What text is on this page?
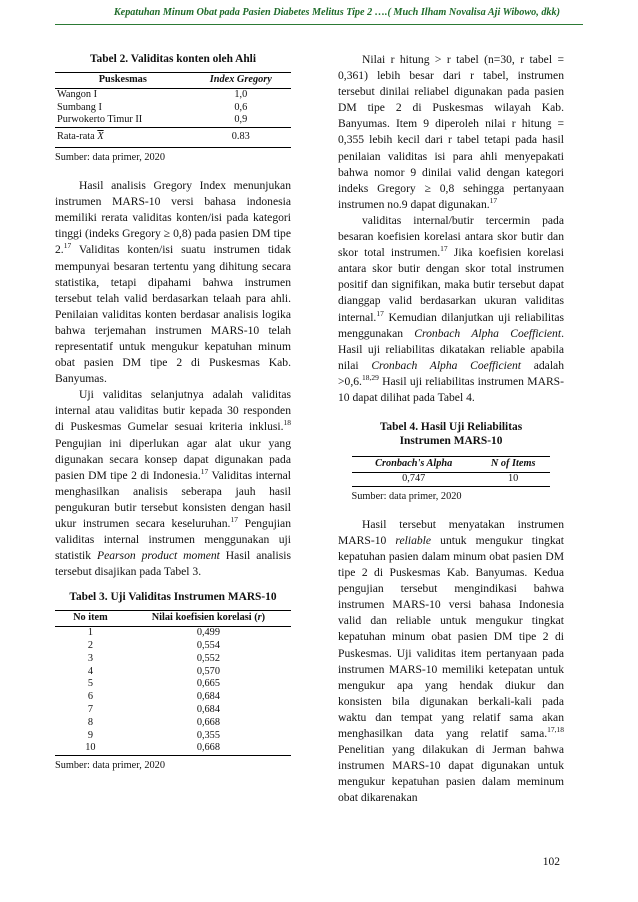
Kepatuhan Minum Obat pada Pasien Diabetes Melitus Tipe 2 ….( Much Ilham Novalisa Aji Wibowo, dkk)
Tabel 2. Validitas konten oleh Ahli
Puskesmas	Index Gregory
Wangon I	1,0
Sumbang I	0,6
Purwokerto Timur II	0,9
Rata-rata $\overline{X}$	0.83
Sumber: data primer, 2020

Hasil analisis Gregory Index menunjukan instrumen MARS-10 versi bahasa indonesia memiliki rerata validitas konten/isi pada kategori tinggi (indeks Gregory ≥ 0,8) pada pasien DM tipe 2.17 Validitas konten/isi suatu instrumen tidak mempunyai besaran tertentu yang dihitung secara statistika, tetapi dipahami bahwa instrumen tersebut telah valid berdasarkan telaah para ahli. Penilaian validitas konten berdasar analisis logika bahwa terjemahan instrumen MARS-10 telah representatif untuk mengukur kepatuhan minum obat pasien DM tipe 2 di Puskesmas Kab. Banyumas.

Uji validitas selanjutnya adalah validitas internal atau validitas butir kepada 30 responden di Puskesmas Gumelar sesuai kriteria inklusi.$^{18}$ Pengujian ini diperlukan agar alat ukur yang digunakan secara konsep dapat digunakan pada pasien DM tipe 2 di Indonesia.$^{17}$ Validitas internal menghasilkan analisis seberapa jauh hasil pengukuran butir tersebut konsisten dengan hasil ukur instrumen secara keseluruhan.$^{17}$ Pengujian validitas internal instrumen menggunakan uji statistik Pearson product moment Hasil analisis tersebut disajikan pada Tabel 3.

Tabel 3. Uji Validitas Instrumen MARS-10
No item	Nilai koefisien korelasi (r)
1	0,499
2	0,554
3	0,552
4	0,570
5	0,665
6	0,684
7	0,684
8	0,668
9	0,355
10	0,668
Sumber: data primer, 2020

Nilai r hitung > r tabel (n=30, r tabel = 0,361) lebih besar dari r tabel, instrumen tersebut dinilai reliabel digunakan pada pasien DM tipe 2 di Puskesmas wilayah Kab. Banyumas. Item 9 diperoleh nilai r hitung = 0,355 lebih kecil dari r tabel tetapi pada hasil penilaian validitas isi para ahli menyepakati bahwa nomor 9 dinilai valid dengan kategori indeks Gregory ≥ 0,8 sehingga pertanyaan instrumen no.9 dapat digunakan.$^{17}$

validitas internal/butir tercermin pada besaran koefisien korelasi antara skor butir dan skor total instrumen.$^{17}$ Jika koefisien korelasi antara skor butir dengan skor total instrumen positif dan signifikan, maka butir tersebut dapat dianggap valid berdasarkan ukuran validitas internal.$^{17}$ Kemudian dilanjutkan uji reliabilitas menggunakan Cronbach Alpha Coefficient. Hasil uji reliabilitas dikatakan reliable apabila nilai Cronbach Alpha Coefficient adalah >0,6.$^{18,29}$ Hasil uji reliabilitas instrumen MARS-10 dapat dilihat pada Tabel 4.

Tabel 4. Hasil Uji Reliabilitas
Instrumen MARS-10
Cronbach's Alpha	N of Items
0,747	10
Sumber: data primer, 2020

Hasil tersebut menyatakan instrumen MARS-10 reliable untuk mengukur tingkat kepatuhan pasien dalam minum obat pasien DM tipe 2 di Puskesmas Kab. Banyumas. Kedua pengujian tersebut mengindikasi bahwa instrumen MARS-10 versi bahasa Indonesia valid dan reliable untuk mengukur tingkat kepatuhan minum obat pasien DM tipe 2 di Puskesmas. Uji validitas item pertanyaan pada instrumen MARS-10 memiliki ketepatan untuk mengukur apa yang hendak diukur dan konsisten bila digunakan berkali-kali pada waktu dan tempat yang relatif sama akan menghasilkan data yang relatif sama.$^{17,18}$ Penelitian yang dilakukan di Jerman bahwa instrumen MARS-10 dapat digunakan untuk mengukur kepatuhan pasien dalam meminum obat dikarenakan

102
